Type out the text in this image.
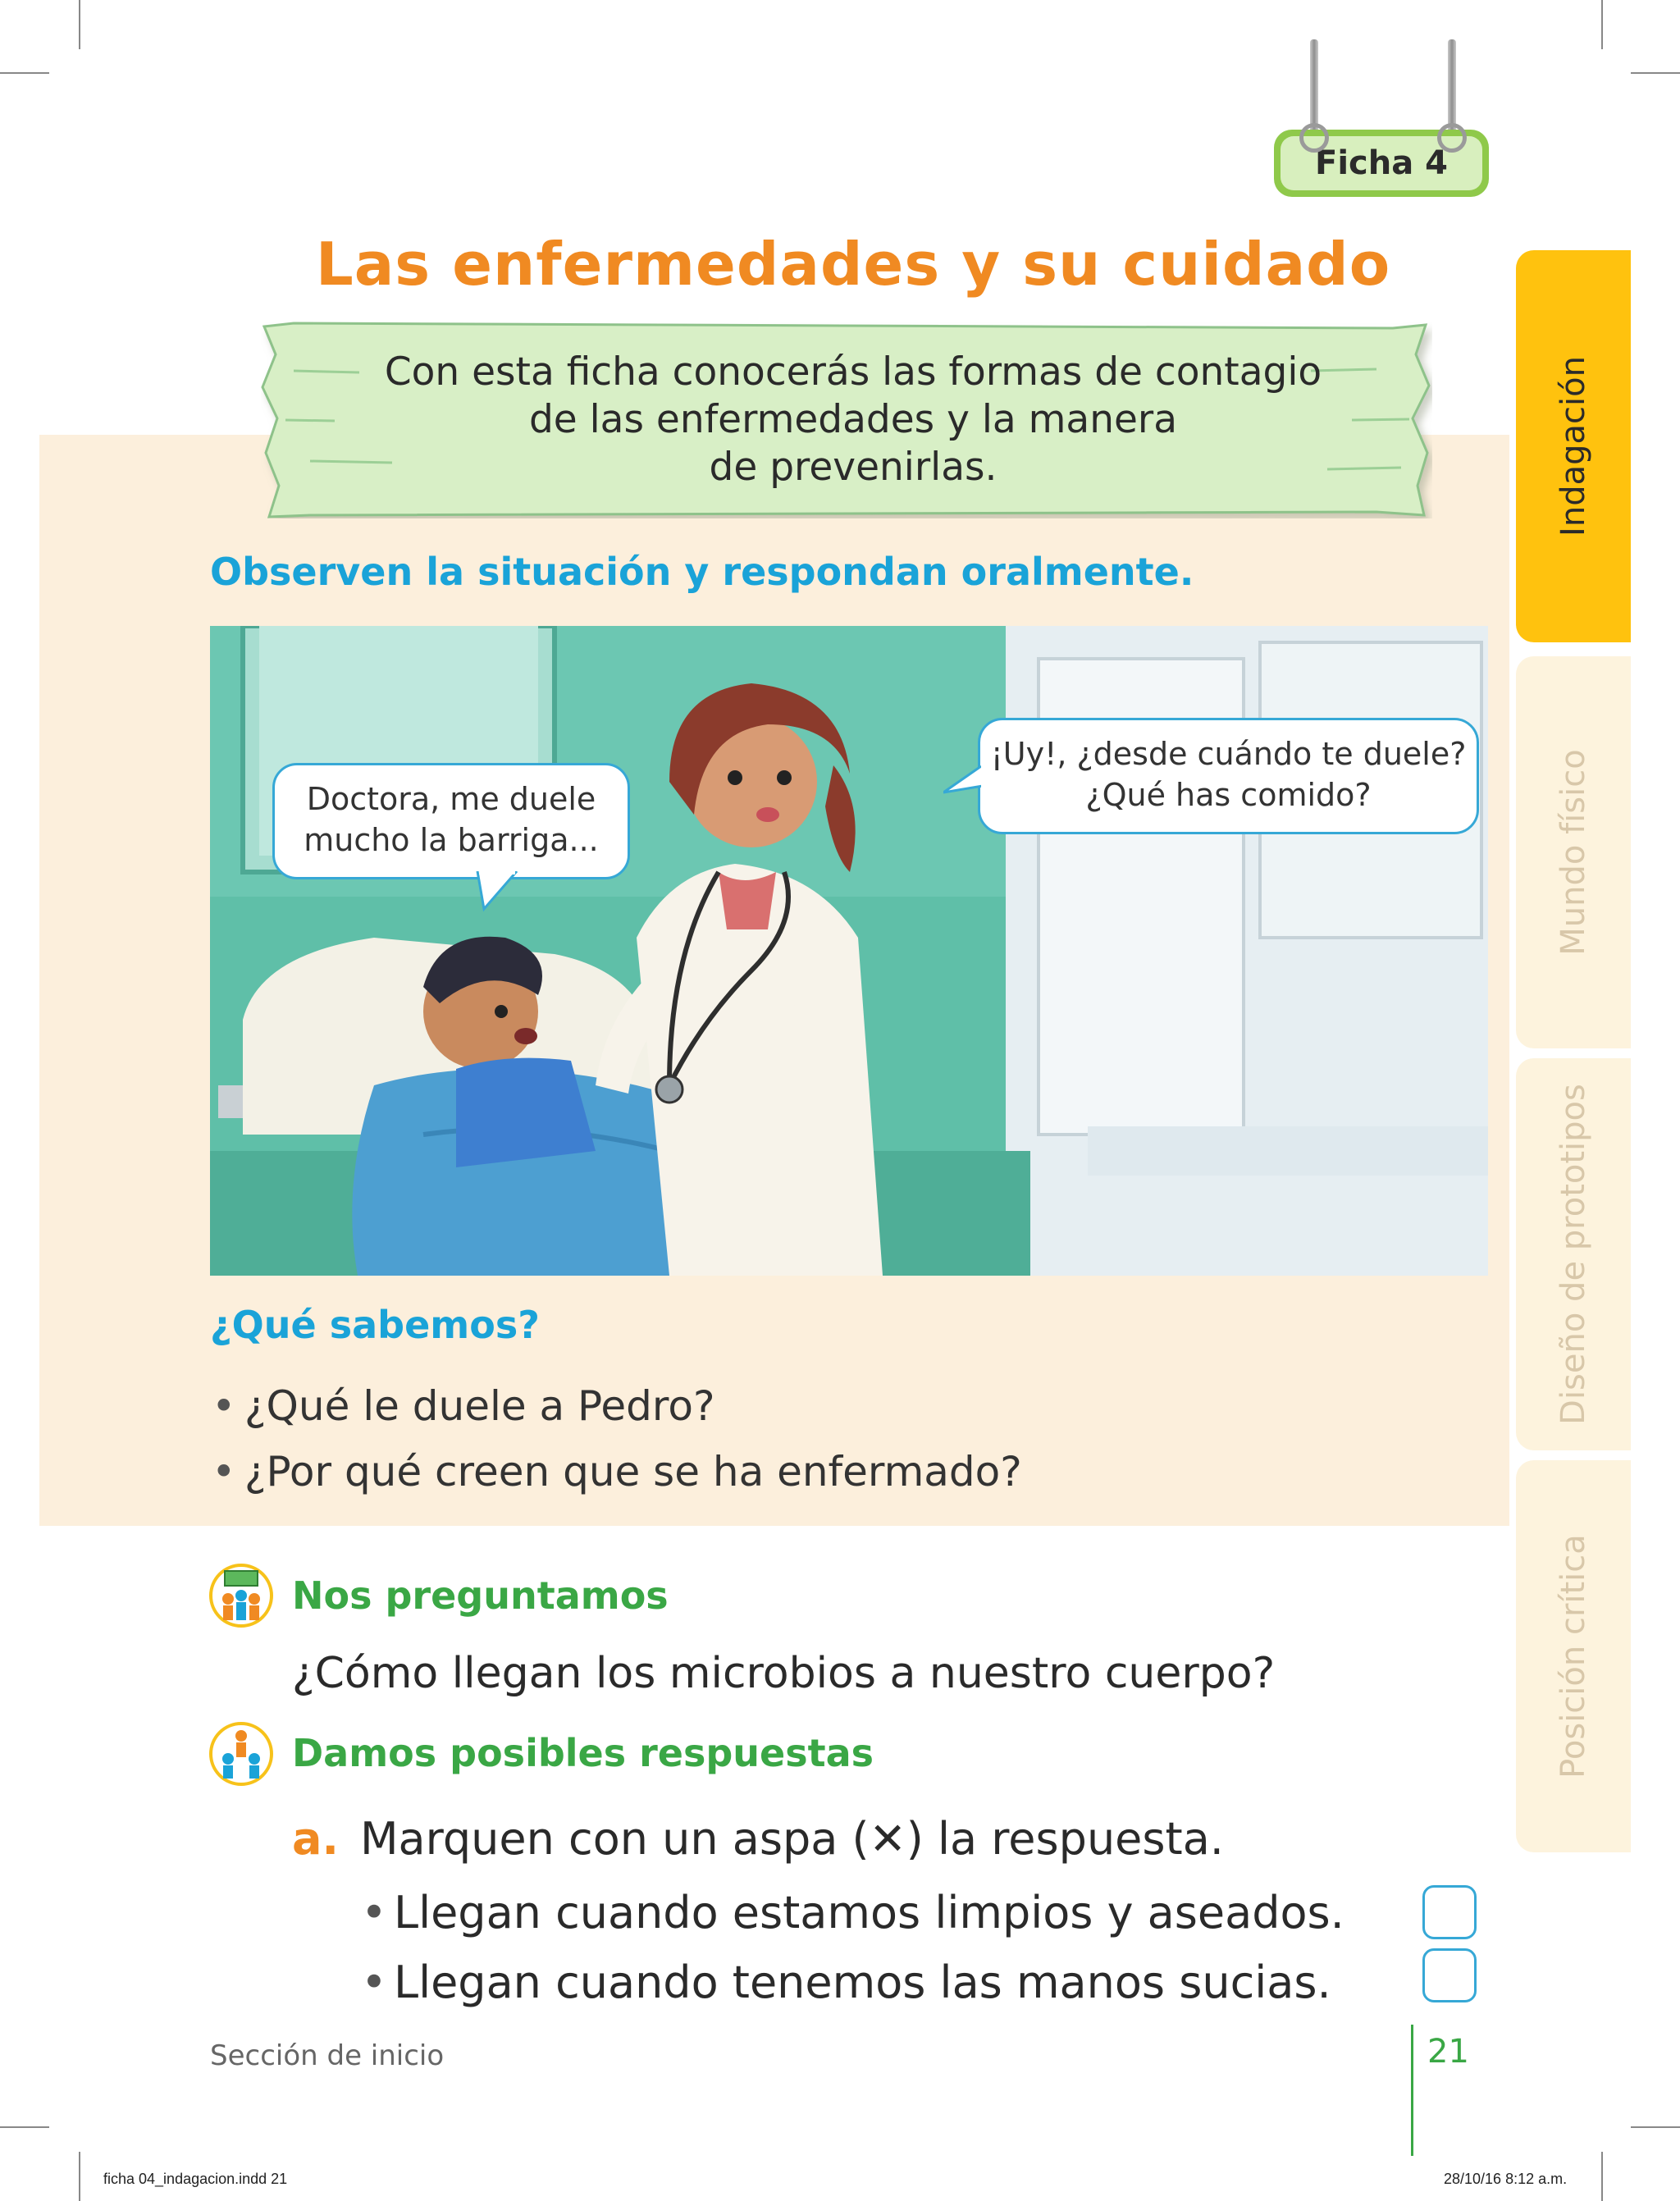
Indagación
Mundo físico
Diseño de prototipos
Posición crítica
Ficha 4
Las enfermedades y su cuidado
Con esta ficha conocerás las formas de contagio
de las enfermedades y la manera
de prevenirlas.
Observen la situación y respondan oralmente.
Doctora, me duele
mucho la barriga...
¡Uy!, ¿desde cuándo te duele?
¿Qué has comido?
¿Qué sabemos?
• ¿Qué le duele a Pedro?
• ¿Por qué creen que se ha enfermado?
Nos preguntamos
¿Cómo llegan los microbios a nuestro cuerpo?
Damos posibles respuestas
a. Marquen con un aspa (✕) la respuesta.
• Llegan cuando estamos limpios y aseados.
• Llegan cuando tenemos las manos sucias.
Sección de inicio	21
ficha 04_indagacion.indd 21	28/10/16 8:12 a.m.
